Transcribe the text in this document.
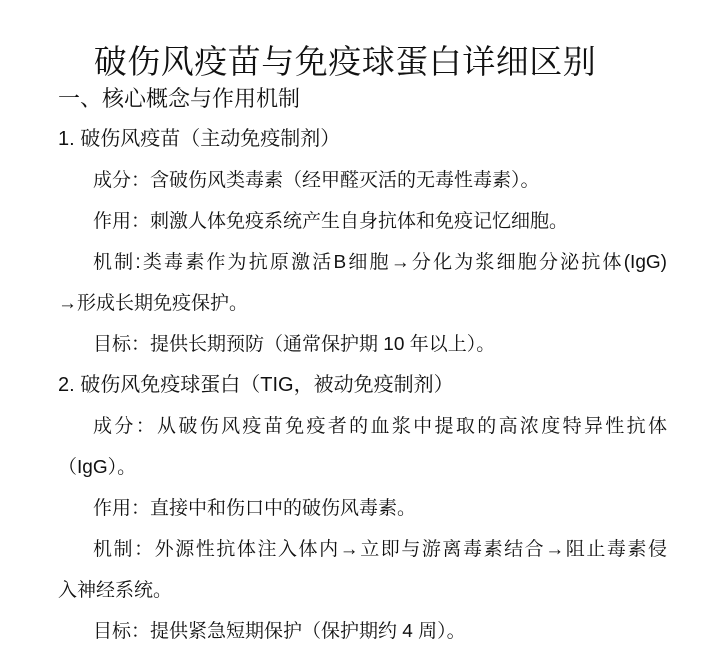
破伤风疫苗与免疫球蛋白详细区别
一、核心概念与作用机制
1. 破伤风疫苗（主动免疫制剂）
成分：含破伤风类毒素（经甲醛灭活的无毒性毒素）。
作用：刺激人体免疫系统产生自身抗体和免疫记忆细胞。
机制:类毒素作为抗原激活B细胞→分化为浆细胞分泌抗体(IgG)
→形成长期免疫保护。
目标：提供长期预防（通常保护期 10 年以上）。
2. 破伤风免疫球蛋白（TIG，被动免疫制剂）
成分：从破伤风疫苗免疫者的血浆中提取的高浓度特异性抗体
（IgG）。
作用：直接中和伤口中的破伤风毒素。
机制：外源性抗体注入体内→立即与游离毒素结合→阻止毒素侵
入神经系统。
目标：提供紧急短期保护（保护期约 4 周）。
